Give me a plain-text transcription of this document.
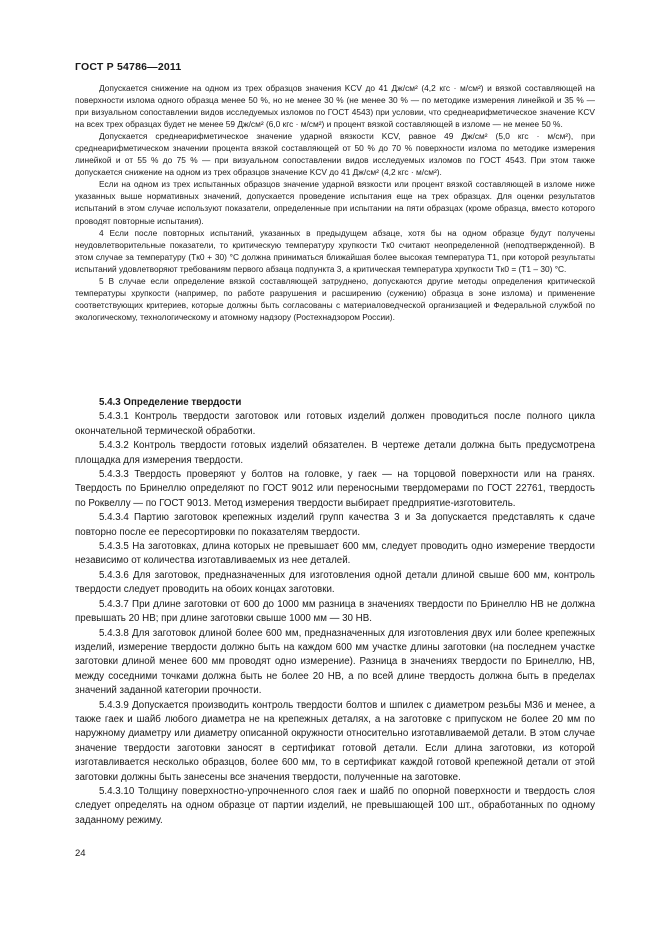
ГОСТ Р 54786—2011

Допускается снижение на одном из трех образцов значения KCV до 41 Дж/см² (4,2 кгс · м/см²) и вязкой составляющей на поверхности излома одного образца менее 50 %, но не менее 30 % (не менее 30 % — по методике измерения линейкой и 35 % — при визуальном сопоставлении видов исследуемых изломов по ГОСТ 4543) при условии, что среднеарифметическое значение KCV на всех трех образцах будет не менее 59 Дж/см² (6,0 кгс · м/см²) и процент вязкой составляющей в изломе — не менее 50 %.

Допускается среднеарифметическое значение ударной вязкости KCV, равное 49 Дж/см² (5,0 кгс · м/см²), при среднеарифметическом значении процента вязкой составляющей от 50 % до 70 % поверхности излома по методике измерения линейкой и от 55 % до 75 % — при визуальном сопоставлении видов исследуемых изломов по ГОСТ 4543. При этом также допускается снижение на одном из трех образцов значение KCV до 41 Дж/см² (4,2 кгс · м/см²).

Если на одном из трех испытанных образцов значение ударной вязкости или процент вязкой составляющей в изломе ниже указанных выше нормативных значений, допускается проведение испытания еще на трех образцах. Для оценки результатов испытаний в этом случае используют показатели, определенные при испытании на пяти образцах (кроме образца, вместо которого проводят повторные испытания).

4 Если после повторных испытаний, указанных в предыдущем абзаце, хотя бы на одном образце будут получены неудовлетворительные показатели, то критическую температуру хрупкости Tк0 считают неопределенной (неподтвержденной). В этом случае за температуру (Tк0 + 30) °С должна приниматься ближайшая более высокая температура T1, при которой результаты испытаний удовлетворяют требованиям первого абзаца подпункта 3, а критическая температура хрупкости Tк0 = (T1 – 30) °С.

5 В случае если определение вязкой составляющей затруднено, допускаются другие методы определения критической температуры хрупкости (например, по работе разрушения и расширению (сужению) образца в зоне излома) и применение соответствующих критериев, которые должны быть согласованы с материаловедческой организацией и Федеральной службой по экологическому, технологическому и атомному надзору (Ростехнадзором России).

5.4.3 Определение твердости

5.4.3.1 Контроль твердости заготовок или готовых изделий должен проводиться после полного цикла окончательной термической обработки.

5.4.3.2 Контроль твердости готовых изделий обязателен. В чертеже детали должна быть предусмотрена площадка для измерения твердости.

5.4.3.3 Твердость проверяют у болтов на головке, у гаек — на торцовой поверхности или на гранях. Твердость по Бринеллю определяют по ГОСТ 9012 или переносными твердомерами по ГОСТ 22761, твердость по Роквеллу — по ГОСТ 9013. Метод измерения твердости выбирает предприятие-изготовитель.

5.4.3.4 Партию заготовок крепежных изделий групп качества 3 и 3а допускается представлять к сдаче повторно после ее пересортировки по показателям твердости.

5.4.3.5 На заготовках, длина которых не превышает 600 мм, следует проводить одно измерение твердости независимо от количества изготавливаемых из нее деталей.

5.4.3.6 Для заготовок, предназначенных для изготовления одной детали длиной свыше 600 мм, контроль твердости следует проводить на обоих концах заготовки.

5.4.3.7 При длине заготовки от 600 до 1000 мм разница в значениях твердости по Бринеллю НВ не должна превышать 20 НВ; при длине заготовки свыше 1000 мм — 30 НВ.

5.4.3.8 Для заготовок длиной более 600 мм, предназначенных для изготовления двух или более крепежных изделий, измерение твердости должно быть на каждом 600 мм участке длины заготовки (на последнем участке заготовки длиной менее 600 мм проводят одно измерение). Разница в значениях твердости по Бринеллю, НВ, между соседними точками должна быть не более 20 НВ, а по всей длине твердость должна быть в пределах значений заданной категории прочности.

5.4.3.9 Допускается производить контроль твердости болтов и шпилек с диаметром резьбы М36 и менее, а также гаек и шайб любого диаметра не на крепежных деталях, а на заготовке с припуском не более 20 мм по наружному диаметру или диаметру описанной окружности относительно изготавливаемой детали. В этом случае значение твердости заготовки заносят в сертификат готовой детали. Если длина заготовки, из которой изготавливается несколько образцов, более 600 мм, то в сертификат каждой готовой крепежной детали от этой заготовки должны быть занесены все значения твердости, полученные на заготовке.

5.4.3.10 Толщину поверхностно-упрочненного слоя гаек и шайб по опорной поверхности и твердость слоя следует определять на одном образце от партии изделий, не превышающей 100 шт., обработанных по одному заданному режиму.

24
